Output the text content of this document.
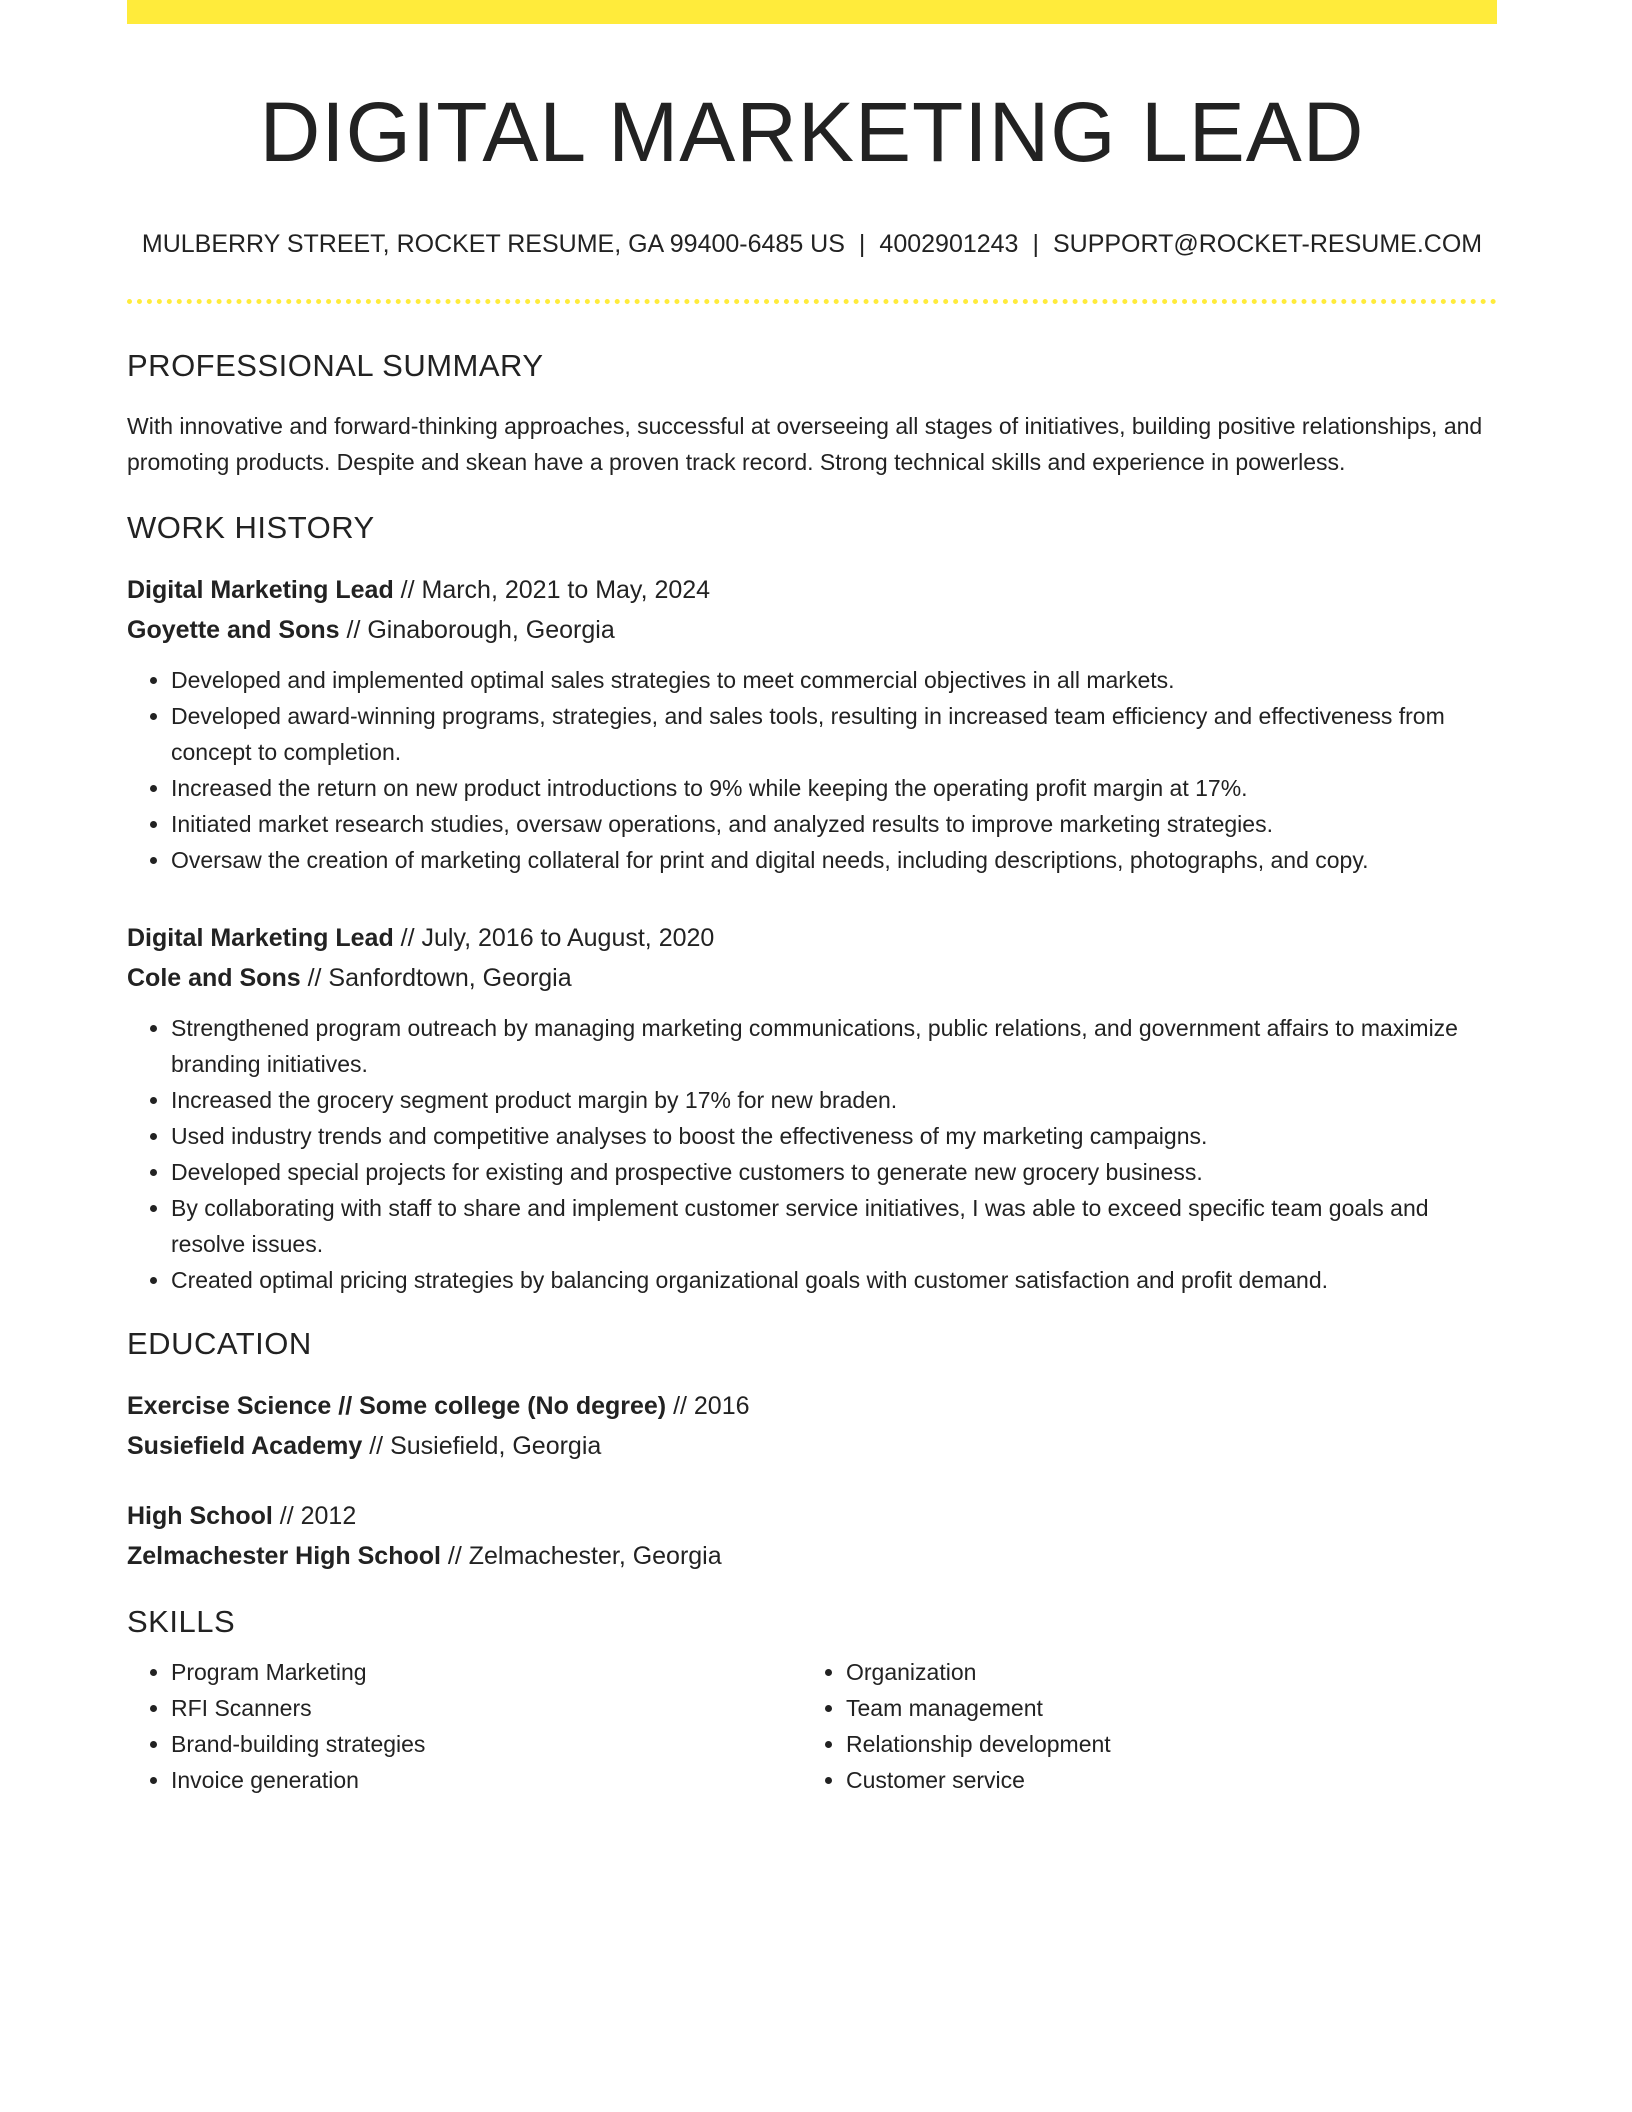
DIGITAL MARKETING LEAD
MULBERRY STREET, ROCKET RESUME, GA 99400-6485 US | 4002901243 | SUPPORT@ROCKET-RESUME.COM
PROFESSIONAL SUMMARY

With innovative and forward-thinking approaches, successful at overseeing all stages of initiatives, building positive relationships, and promoting products. Despite and skean have a proven track record. Strong technical skills and experience in powerless.

WORK HISTORY
Digital Marketing Lead // March, 2021 to May, 2024
Goyette and Sons // Ginaborough, Georgia
• Developed and implemented optimal sales strategies to meet commercial objectives in all markets.
• Developed award-winning programs, strategies, and sales tools, resulting in increased team efficiency and effectiveness from concept to completion.
• Increased the return on new product introductions to 9% while keeping the operating profit margin at 17%.
• Initiated market research studies, oversaw operations, and analyzed results to improve marketing strategies.
• Oversaw the creation of marketing collateral for print and digital needs, including descriptions, photographs, and copy.
Digital Marketing Lead // July, 2016 to August, 2020
Cole and Sons // Sanfordtown, Georgia
• Strengthened program outreach by managing marketing communications, public relations, and government affairs to maximize branding initiatives.
• Increased the grocery segment product margin by 17% for new braden.
• Used industry trends and competitive analyses to boost the effectiveness of my marketing campaigns.
• Developed special projects for existing and prospective customers to generate new grocery business.
• By collaborating with staff to share and implement customer service initiatives, I was able to exceed specific team goals and resolve issues.
• Created optimal pricing strategies by balancing organizational goals with customer satisfaction and profit demand.
EDUCATION
Exercise Science // Some college (No degree) // 2016
Susiefield Academy // Susiefield, Georgia
High School // 2012
Zelmachester High School // Zelmachester, Georgia
SKILLS
• Program Marketing
• RFI Scanners
• Brand-building strategies
• Invoice generation
• Organization
• Team management
• Relationship development
• Customer service
